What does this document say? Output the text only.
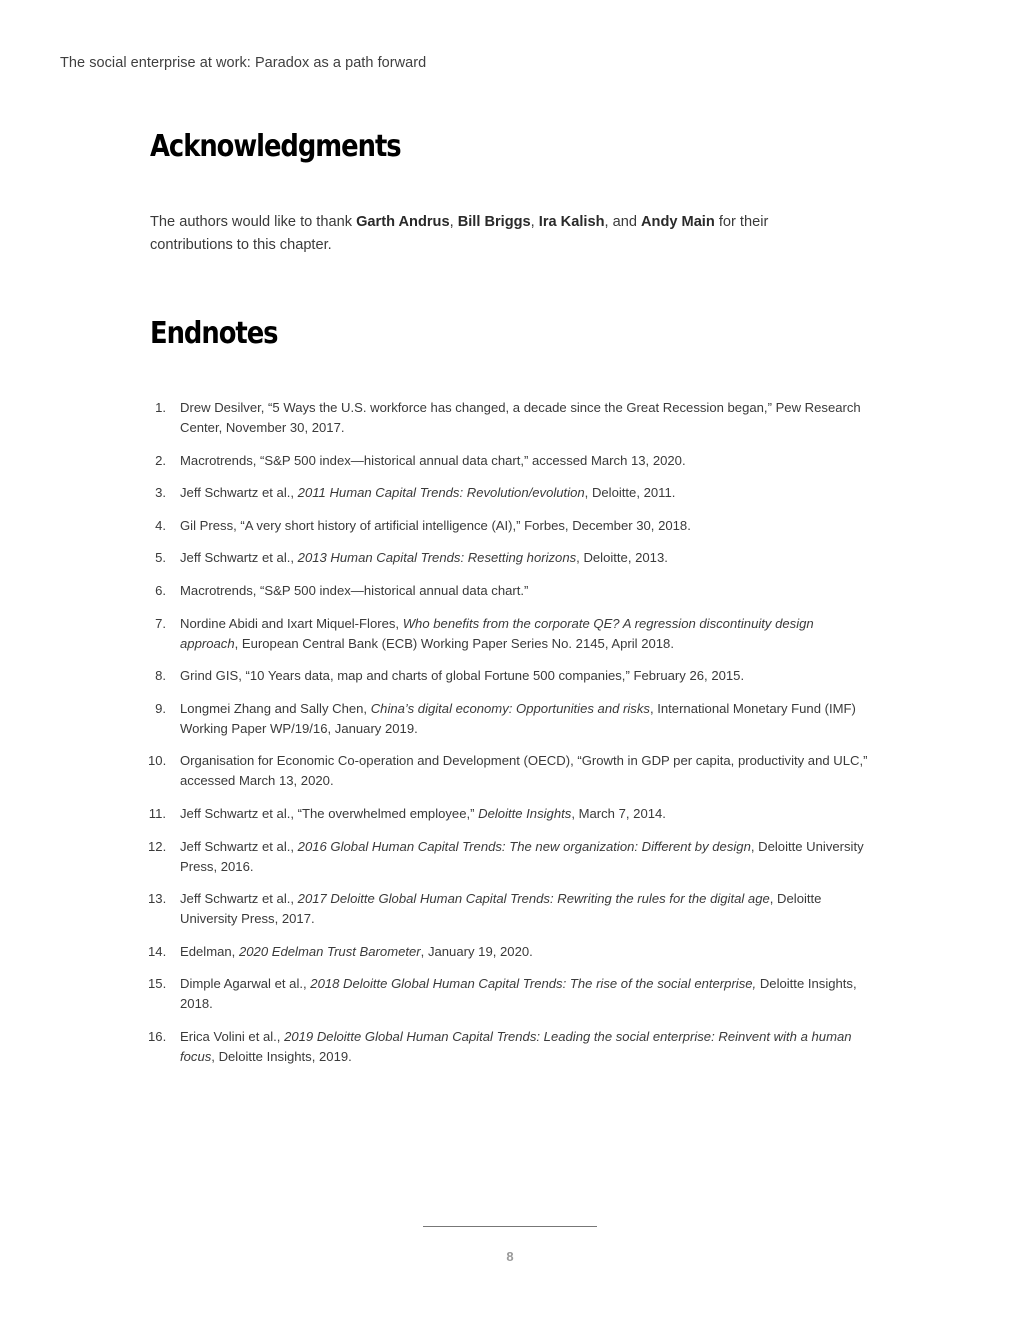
The social enterprise at work: Paradox as a path forward
Acknowledgments

The authors would like to thank Garth Andrus, Bill Briggs, Ira Kalish, and Andy Main for their contributions to this chapter.

Endnotes
1. Drew Desilver, “5 Ways the U.S. workforce has changed, a decade since the Great Recession began,” Pew Research Center, November 30, 2017.
2. Macrotrends, “S&P 500 index—historical annual data chart,” accessed March 13, 2020.
3. Jeff Schwartz et al., 2011 Human Capital Trends: Revolution/evolution, Deloitte, 2011.
4. Gil Press, “A very short history of artificial intelligence (AI),” Forbes, December 30, 2018.
5. Jeff Schwartz et al., 2013 Human Capital Trends: Resetting horizons, Deloitte, 2013.
6. Macrotrends, “S&P 500 index—historical annual data chart.”
7. Nordine Abidi and Ixart Miquel-Flores, Who benefits from the corporate QE? A regression discontinuity design approach, European Central Bank (ECB) Working Paper Series No. 2145, April 2018.
8. Grind GIS, “10 Years data, map and charts of global Fortune 500 companies,” February 26, 2015.
9. Longmei Zhang and Sally Chen, China’s digital economy: Opportunities and risks, International Monetary Fund (IMF) Working Paper WP/19/16, January 2019.
10. Organisation for Economic Co-operation and Development (OECD), “Growth in GDP per capita, productivity and ULC,” accessed March 13, 2020.
11. Jeff Schwartz et al., “The overwhelmed employee,” Deloitte Insights, March 7, 2014.
12. Jeff Schwartz et al., 2016 Global Human Capital Trends: The new organization: Different by design, Deloitte University Press, 2016.
13. Jeff Schwartz et al., 2017 Deloitte Global Human Capital Trends: Rewriting the rules for the digital age, Deloitte University Press, 2017.
14. Edelman, 2020 Edelman Trust Barometer, January 19, 2020.
15. Dimple Agarwal et al., 2018 Deloitte Global Human Capital Trends: The rise of the social enterprise, Deloitte Insights, 2018.
16. Erica Volini et al., 2019 Deloitte Global Human Capital Trends: Leading the social enterprise: Reinvent with a human focus, Deloitte Insights, 2019.
8
